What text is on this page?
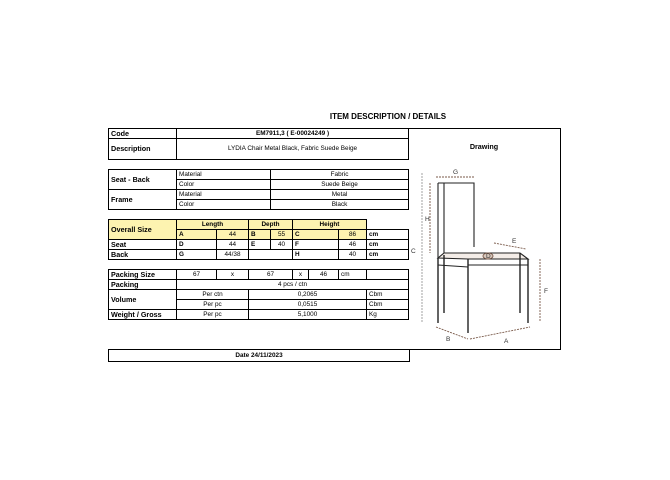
ITEM DESCRIPTION / DETAILS
Code	EM7911,3 ( E-00024249 )							
Description	LYDIA Chair Metal Black, Fabric Suede Beige							

Seat - Back	Material			Fabric				
	Color			Suede Beige				
Frame	Material			Metal				
	Color			Black				

Overall Size	Length		Depth		Height			
	A	44	B	55	C		86	cm
Seat	D	44	E	40	F		46	cm
Back	G	44/38			H		40	cm

Packing Size	67	x	67		x	46	cm	
Packing	4 pcs / ctn							
Volume	Per ctn		0,2065					Cbm
	Per pc		0,0515					Cbm
Weight / Gross	Per pc		5,1000					Kg
Date 24/11/2023
Drawing
G
H
C
E
D
F
B	A
